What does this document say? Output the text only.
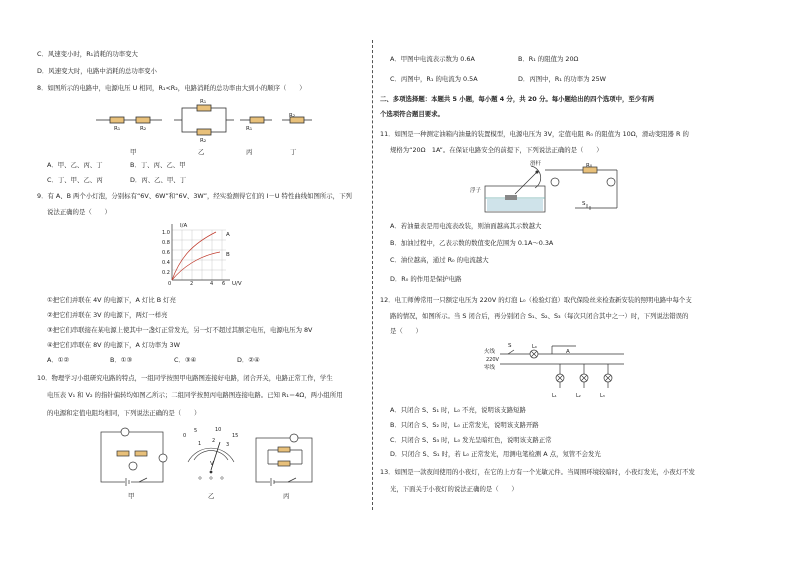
C．风速变小时，R₁消耗的功率变大
D．风速变大时，电路中消耗的总功率变小
8．如图所示的电路中，电源电压 U 相同，R₁<R₂，电路消耗的总功率由大到小的顺序（　　）
R₁	R₂
R₁
R₂
R₁
R₂
甲	乙	丙	丁
A．甲、乙、丙、丁	B．丁、丙、乙、甲
C．丁、甲、乙、丙	D．丙、乙、甲、丁
9．有 A、B 两个小灯泡，分别标有“6V、6W”和“6V、3W”，经实验测得它们的 I－U 特性曲线如图所示，下列
说法正确的是（　　）
I/A
1.0
0.8
0.6
0.4
0.2
0	2	4 6 U/V
A
B
①把它们并联在 4V 的电源下，A 灯比 B 灯亮
②把它们并联在 3V 的电源下，两灯一样亮
③把它们串联接在某电源上使其中一盏灯正常发光，另一灯不超过其额定电压，电源电压为 8V
④把它们串联在 8V 的电源下，A 灯功率为 3W
A．①②	B．①③	C．③④	D．②④
10．物理学习小组研究电路的特点，一组同学按照甲电路图连接好电路，闭合开关，电路正常工作，学生
电压表 V₁ 和 V₂ 的指针偏转均如图乙所示；二组同学按照丙电路图连接电路。已知 R₁＝4Ω，两小组所用
的电源和定值电阻均相同，下列说法正确的是（　　）
0
5	10
15
1 2
3
V
甲	乙	丙
A．甲图中电流表示数为 0.6A	B．R₁ 的阻值为 20Ω
C．丙图中，R₁ 的电流为 0.5A	D．丙图中，R₁ 的功率为 25W
二、多项选择题：本题共 5 小题，每小题 4 分，共 20 分。每小题给出的四个选项中，至少有两
个选项符合题目要求。
11．如图是一种测定油箱内油量的装置模型，电源电压为 3V，定值电阻 R₀ 的阻值为 10Ω，滑动变阻器 R 的
规格为“20Ω　1A”。在保证电路安全的前提下，下列说法正确的是（　　）
滑杆
浮子
R₀
S
A．若油量表是用电流表改装，则油面越高其示数越大
B．加油过程中，乙表示数的数值变化范围为 0.1A～0.3A
C．油位越高，通过 R₀ 的电流越大
D．R₀ 的作用是保护电路
12．电工师傅常用一只额定电压为 220V 的灯泡 L₀（检验灯泡）取代保险丝来检查新安装的照明电路中每个支
路的情况，如图所示。当 S 闭合后，再分别闭合 S₁、S₂、S₃（每次只闭合其中之一）时，下列说法错误的
是（　　）
火线
220V
零线
S	L₀
A
L₁	L₂	L₃
A．只闭合 S、S₁ 时，L₀ 不亮，说明该支路短路
B．只闭合 S、S₂ 时，L₀ 正常发光，说明该支路开路
C．只闭合 S、S₃ 时，L₀ 发光呈暗红色，说明该支路正常
D．只闭合 S、S₁ 时，若 L₀ 正常发光，用测电笔检测 A 点，氖管不会发光
13．如图是一款夜间使用的小夜灯，在它的上方有一个光敏元件。当周围环境较暗时，小夜灯发光，小夜灯不发
光，下面关于小夜灯的说法正确的是（　　）
